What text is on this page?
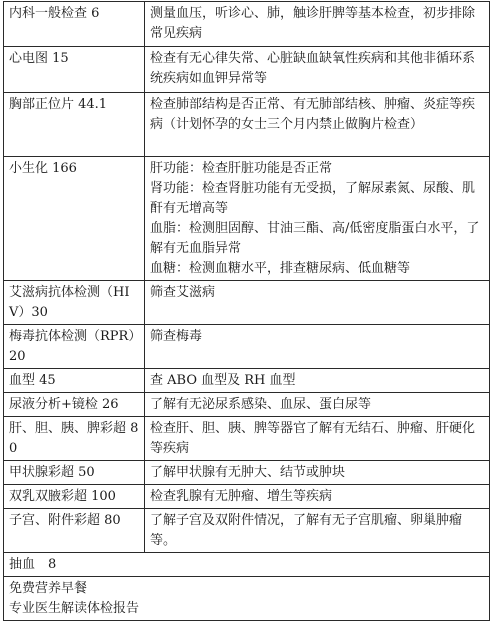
内科一般检查 6	测量血压，听诊心、肺，触诊肝脾等基本检查，初步排除常见疾病
心电图 15	检查有无心律失常、心脏缺血缺氧性疾病和其他非循环系统疾病如血钾异常等
胸部正位片 44.1	检查肺部结构是否正常、有无肺部结核、肿瘤、炎症等疾病（计划怀孕的女士三个月内禁止做胸片检查）
小生化 166	肝功能：检查肝脏功能是否正常
肾功能：检查肾脏功能有无受损，了解尿素氮、尿酸、肌酐有无增高等
血脂：检测胆固醇、甘油三酯、高/低密度脂蛋白水平，了解有无血脂异常
血糖：检测血糖水平，排查糖尿病、低血糖等

艾滋病抗体检测（HIV）30	筛查艾滋病
梅毒抗体检测（RPR）20	筛查梅毒
血型 45	查 ABO 血型及 RH 血型
尿液分析+镜检 26	了解有无泌尿系感染、血尿、蛋白尿等
肝、胆、胰、脾彩超 80	检查肝、胆、胰、脾等器官了解有无结石、肿瘤、肝硬化等疾病
甲状腺彩超 50	了解甲状腺有无肿大、结节或肿块
双乳双腋彩超 100	检查乳腺有无肿瘤、增生等疾病
子宫、附件彩超 80	了解子宫及双附件情况，了解有无子宫肌瘤、卵巢肿瘤等。
抽血　8	

免费营养早餐
专业医生解读体检报告	
